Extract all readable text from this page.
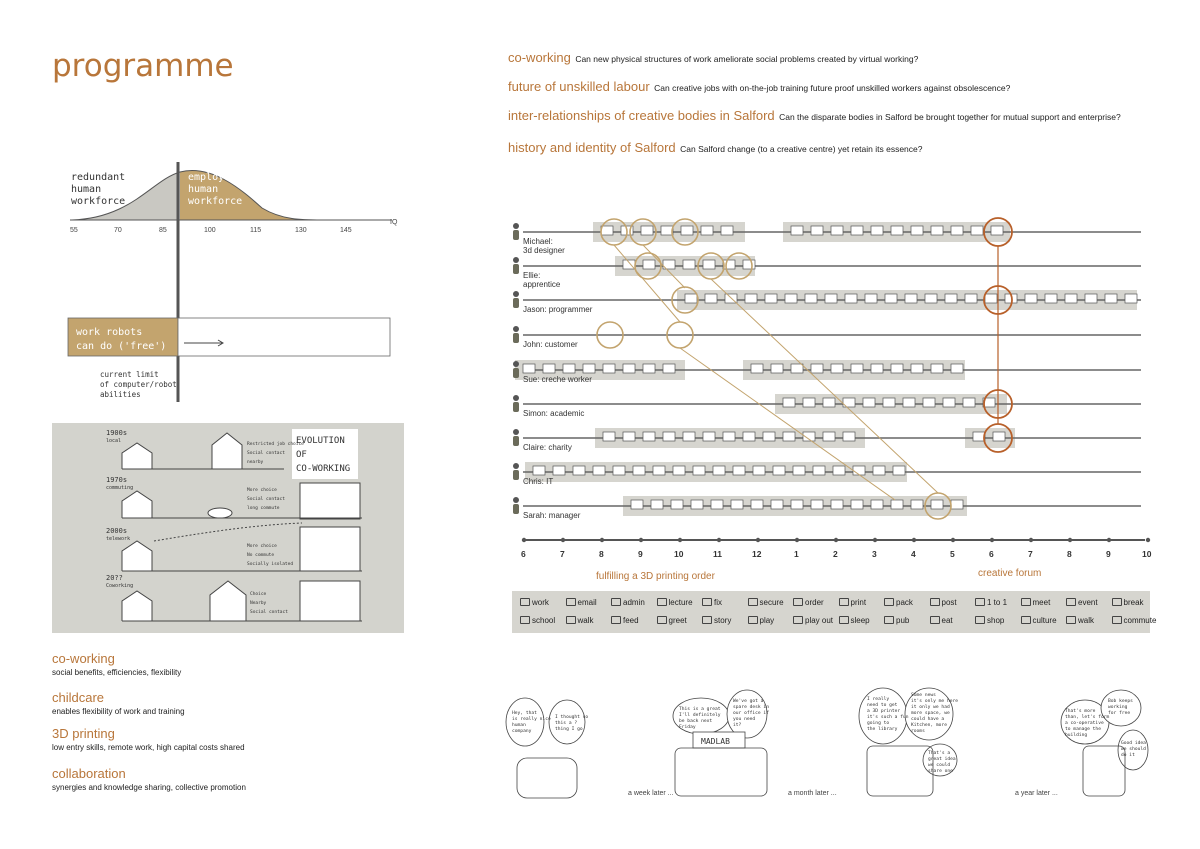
programme	co-working Can new physical structures of work ameliorate social problems created by virtual working?
future of unskilled labour Can creative jobs with on-the-job training future proof unskilled workers against obsolescence?
inter-relationships of creative bodies in Salford Can the disparate bodies in Salford be brought together for mutual support and enterprise?
history and identity of Salford Can Salford change (to a creative centre) yet retain its essence?
redundant
human
workforce
employable
human
workforce
55	70	85	100	115	130	145
IQ
work robots
can do ('free')
current limit
of computer/robot
abilities
EVOLUTION
OF
CO-WORKING
1900s
local
Restricted job choice
Social contact
nearby
1970s
commuting	More choice
Social contact
long commute
2000s
telework
More choice
No commute
Socially isolated
20??
Coworking
Choice
Nearby
Social contact
co-working
social benefits, efficiencies, flexibility
childcare
enables flexibility of work and training
3D printing
low entry skills, remote work, high capital costs shared
collaboration
synergies and knowledge sharing, collective promotion
Michael:
3d designer
Ellie:
apprentice
Jason: programmer
John: customer
Sue: creche worker
Simon: academic
Claire: charity
Chris: IT
Sarah: manager
6	7	8	9	10	11	12	1	2	3	4	5	6	7	8	9	10
fulfilling a 3D printing order	creative forum
work	email	admin	lecture	fix	secure	order	print	pack	post	1 to 1	meet	event	break
school	walk	feed	greet	story	play	play out	sleep	pub	eat	shop	culture	walk	commute
Hey, that
is really nice
human
company
I thought so
this a ?
thing I go
This is a great
I'll definitely
be back next
Friday
We've got a
spare desk in
our office if
you need
it?
MADLAB
I really
need to get
a 3D printer
it's such a fun
going to
the library
Some news
it's only me here
it only we had
more space, we
could have a
Kitchen, more
rooms
That's a
great idea
we could
share one
That's more
than, let's form
a co-operative
to manage the
building
Bob keeps
working
for free
Good idea
we should
do it
a week later ...	a month later ...	a year later ...
